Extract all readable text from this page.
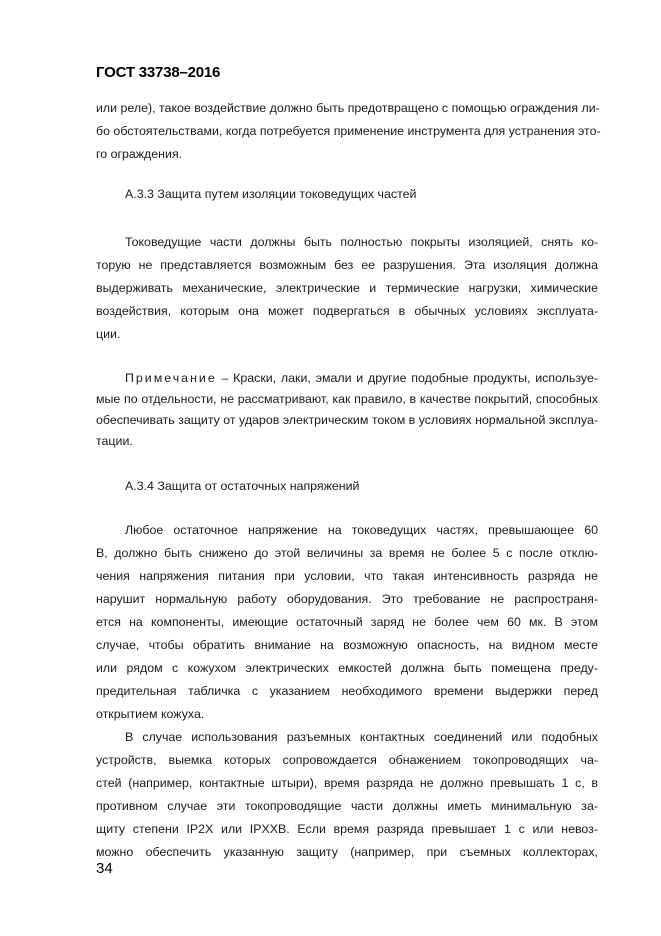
ГОСТ 33738–2016
или реле), такое воздействие должно быть предотвращено с помощью ограждения ли-
бо обстоятельствами, когда потребуется применение инструмента для устранения это-
го ограждения.
А.3.3 Защита путем изоляции токоведущих частей
Токоведущие части должны быть полностью покрыты изоляцией, снять ко-
торую не представляется возможным без ее разрушения. Эта изоляция должна
выдерживать механические, электрические и термические нагрузки, химические
воздействия, которым она может подвергаться в обычных условиях эксплуата-
ции.
Примечание – Краски, лаки, эмали и другие подобные продукты, используе-
мые по отдельности, не рассматривают, как правило, в качестве покрытий, способных
обеспечивать защиту от ударов электрическим током в условиях нормальной эксплуа-
тации.
А.3.4 Защита от остаточных напряжений
Любое остаточное напряжение на токоведущих частях, превышающее 60
В, должно быть снижено до этой величины за время не более 5 с после отклю-
чения напряжения питания при условии, что такая интенсивность разряда не
нарушит нормальную работу оборудования. Это требование не распространя-
ется на компоненты, имеющие остаточный заряд не более чем 60 мк. В этом
случае, чтобы обратить внимание на возможную опасность, на видном месте
или рядом с кожухом электрических емкостей должна быть помещена преду-
предительная табличка с указанием необходимого времени выдержки перед
открытием кожуха.
В случае использования разъемных контактных соединений или подобных
устройств, выемка которых сопровождается обнажением токопроводящих ча-
стей (например, контактные штыри), время разряда не должно превышать 1 с, в
противном случае эти токопроводящие части должны иметь минимальную за-
щиту степени IP2X или IPXXB. Если время разряда превышает 1 с или невоз-
можно обеспечить указанную защиту (например, при съемных коллекторах,
34
